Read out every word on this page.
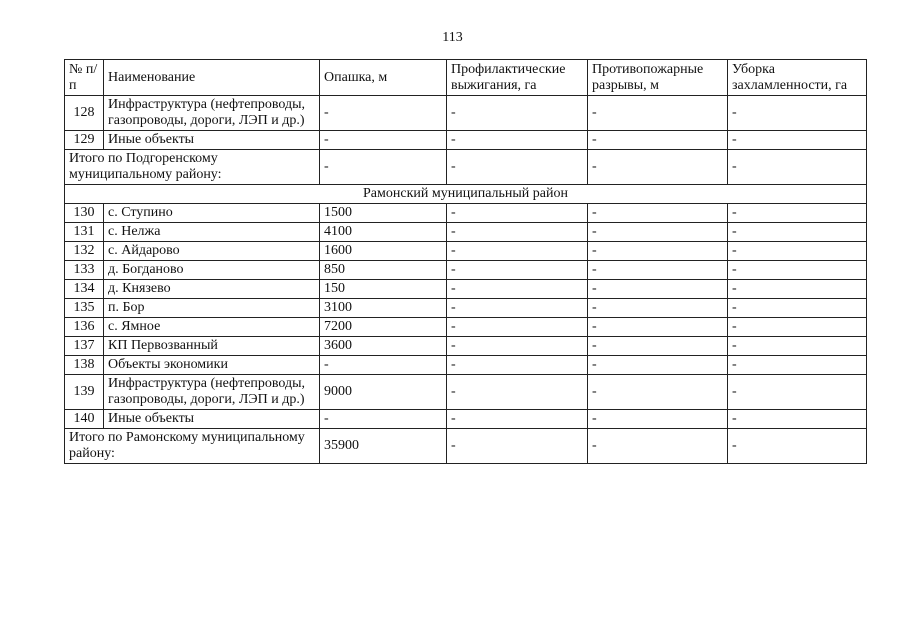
113
№ п/п	Наименование	Опашка, м	Профилактические выжигания, га	Противопожарные разрывы, м	Уборка захламленности, га
128	Инфраструктура (нефтепроводы, газопроводы, дороги, ЛЭП и др.)	-	-	-	-
129	Иные объекты	-	-	-	-
Итого по Подгоренскому муниципальному району:		-	-	-	-
Рамонский муниципальный район					
130	с. Ступино	1500	-	-	-
131	с. Нелжа	4100	-	-	-
132	с. Айдарово	1600	-	-	-
133	д. Богданово	850	-	-	-
134	д. Князево	150	-	-	-
135	п. Бор	3100	-	-	-
136	с. Ямное	7200	-	-	-
137	КП Первозванный	3600	-	-	-
138	Объекты экономики	-	-	-	-
139	Инфраструктура (нефтепроводы, газопроводы, дороги, ЛЭП и др.)	9000	-	-	-
140	Иные объекты	-	-	-	-
Итого по Рамонскому муниципальному району:		35900	-	-	-
